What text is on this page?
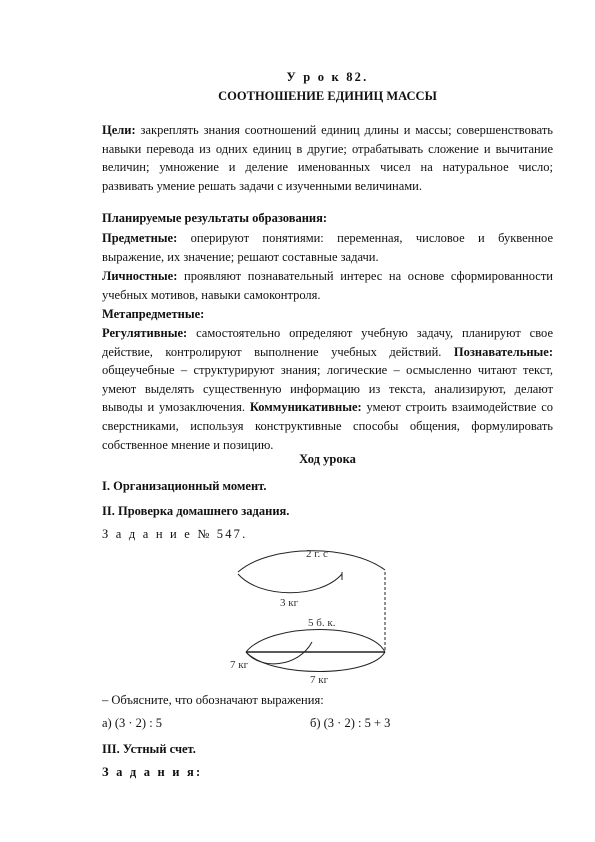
У р о к 82.
СООТНОШЕНИЕ ЕДИНИЦ МАССЫ

Цели: закреплять знания соотношений единиц длины и массы; совершенствовать навыки перевода из одних единиц в другие; отрабатывать сложение и вычитание величин; умножение и деление именованных чисел на натуральное число; развивать умение решать задачи с изученными величинами.

Планируемые результаты образования:

Предметные: оперируют понятиями: переменная, числовое и буквенное выражение, их значение; решают составные задачи.

Личностные: проявляют познавательный интерес на основе сформированности учебных мотивов, навыки самоконтроля.

Метапредметные:

Регулятивные: самостоятельно определяют учебную задачу, планируют свое действие, контролируют выполнение учебных действий. Познавательные: общеучебные – структурируют знания; логические – осмысленно читают текст, умеют выделять существенную информацию из текста, анализируют, делают выводы и умозаключения. Коммуникативные: умеют строить взаимодействие со сверстниками, используя конструктивные способы общения, формулировать собственное мнение и позицию.

Ход урока
I. Организационный момент.
II. Проверка домашнего задания.
З а д а н и е № 547.
2 г. с
3 кг
5 б. к.
7 кг
7 кг
– Объясните, что обозначают выражения:
а) (3 · 2) : 5	б) (3 · 2) : 5 + 3
III. Устный счет.
З а д а н и я:
